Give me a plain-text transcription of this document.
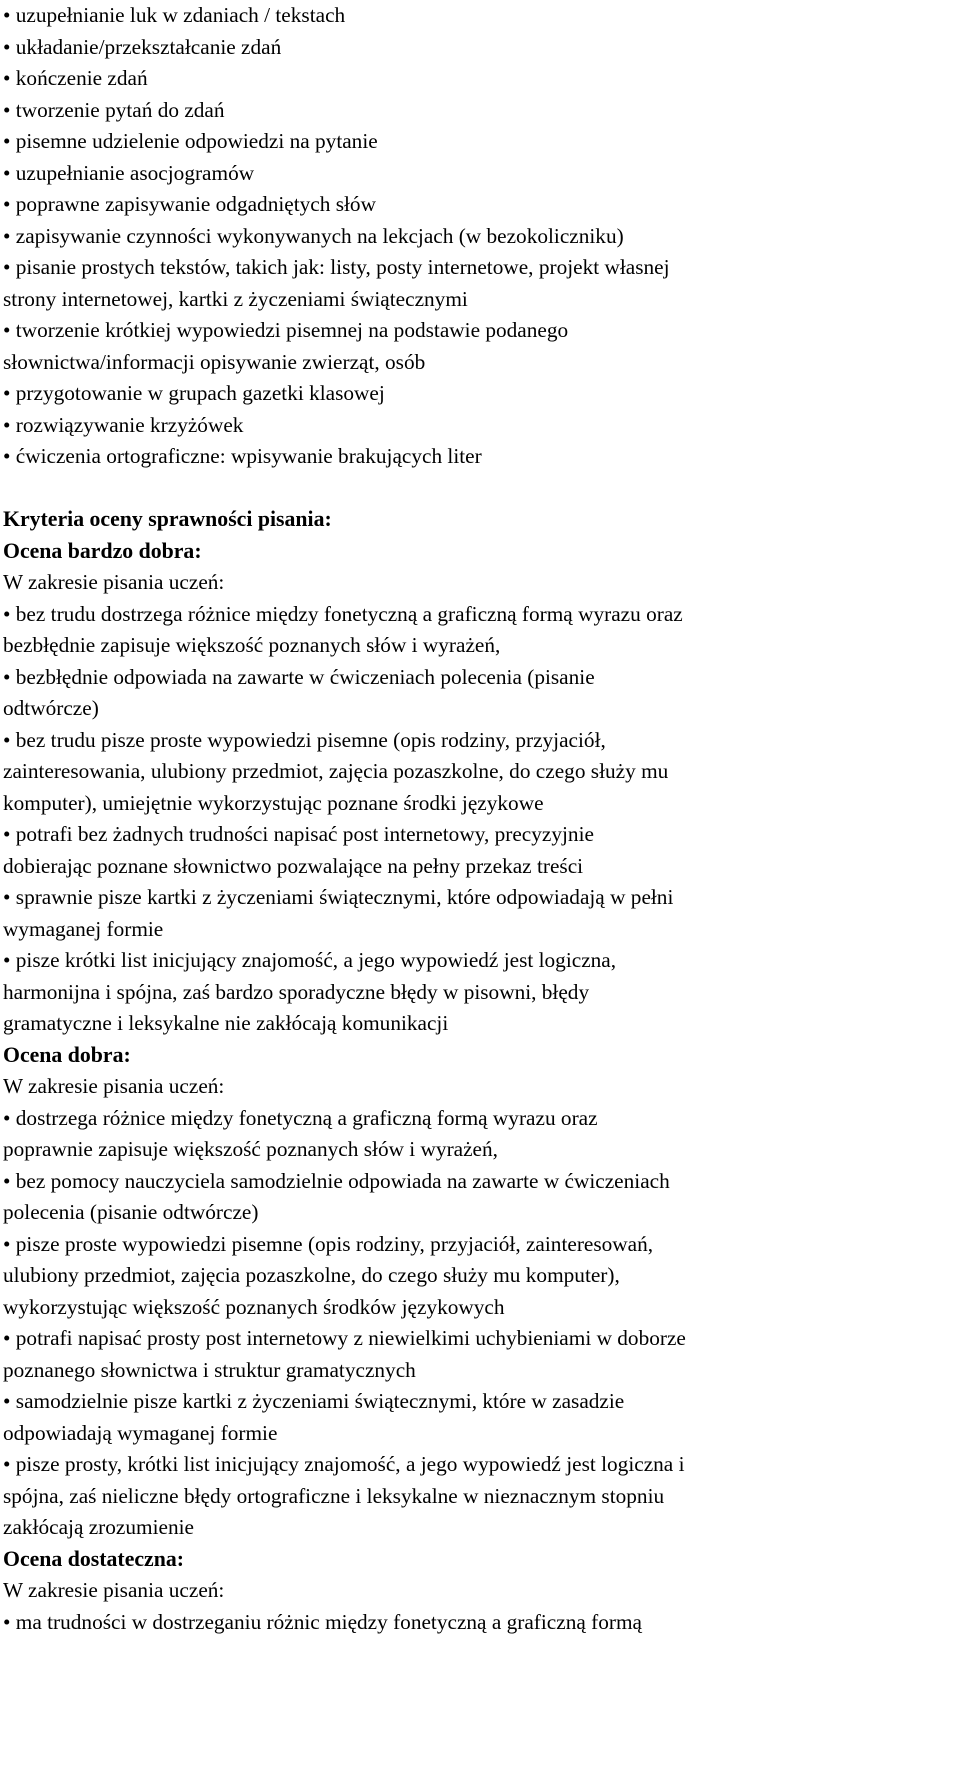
• uzupełnianie luk w zdaniach / tekstach
• układanie/przekształcanie zdań
• kończenie zdań
• tworzenie pytań do zdań
• pisemne udzielenie odpowiedzi na pytanie
• uzupełnianie asocjogramów
• poprawne zapisywanie odgadniętych słów
• zapisywanie czynności wykonywanych na lekcjach (w bezokoliczniku)
• pisanie prostych tekstów, takich jak: listy, posty internetowe, projekt własnej
strony internetowej, kartki z życzeniami świątecznymi
• tworzenie krótkiej wypowiedzi pisemnej na podstawie podanego
słownictwa/informacji opisywanie zwierząt, osób
• przygotowanie w grupach gazetki klasowej
• rozwiązywanie krzyżówek
• ćwiczenia ortograficzne: wpisywanie brakujących liter
Kryteria oceny sprawności pisania:
Ocena bardzo dobra:
W zakresie pisania uczeń:
• bez trudu dostrzega różnice między fonetyczną a graficzną formą wyrazu oraz
bezbłędnie zapisuje większość poznanych słów i wyrażeń,
• bezbłędnie odpowiada na zawarte w ćwiczeniach polecenia (pisanie
odtwórcze)
• bez trudu pisze proste wypowiedzi pisemne (opis rodziny, przyjaciół,
zainteresowania, ulubiony przedmiot, zajęcia pozaszkolne, do czego służy mu
komputer), umiejętnie wykorzystując poznane środki językowe
• potrafi bez żadnych trudności napisać post internetowy, precyzyjnie
dobierając poznane słownictwo pozwalające na pełny przekaz treści
• sprawnie pisze kartki z życzeniami świątecznymi, które odpowiadają w pełni
wymaganej formie
• pisze krótki list inicjujący znajomość, a jego wypowiedź jest logiczna,
harmonijna i spójna, zaś bardzo sporadyczne błędy w pisowni, błędy
gramatyczne i leksykalne nie zakłócają komunikacji
Ocena dobra:
W zakresie pisania uczeń:
• dostrzega różnice między fonetyczną a graficzną formą wyrazu oraz
poprawnie zapisuje większość poznanych słów i wyrażeń,
• bez pomocy nauczyciela samodzielnie odpowiada na zawarte w ćwiczeniach
polecenia (pisanie odtwórcze)
• pisze proste wypowiedzi pisemne (opis rodziny, przyjaciół, zainteresowań,
ulubiony przedmiot, zajęcia pozaszkolne, do czego służy mu komputer),
wykorzystując większość poznanych środków językowych
• potrafi napisać prosty post internetowy z niewielkimi uchybieniami w doborze
poznanego słownictwa i struktur gramatycznych
• samodzielnie pisze kartki z życzeniami świątecznymi, które w zasadzie
odpowiadają wymaganej formie
• pisze prosty, krótki list inicjujący znajomość, a jego wypowiedź jest logiczna i
spójna, zaś nieliczne błędy ortograficzne i leksykalne w nieznacznym stopniu
zakłócają zrozumienie
Ocena dostateczna:
W zakresie pisania uczeń:
• ma trudności w dostrzeganiu różnic między fonetyczną a graficzną formą
